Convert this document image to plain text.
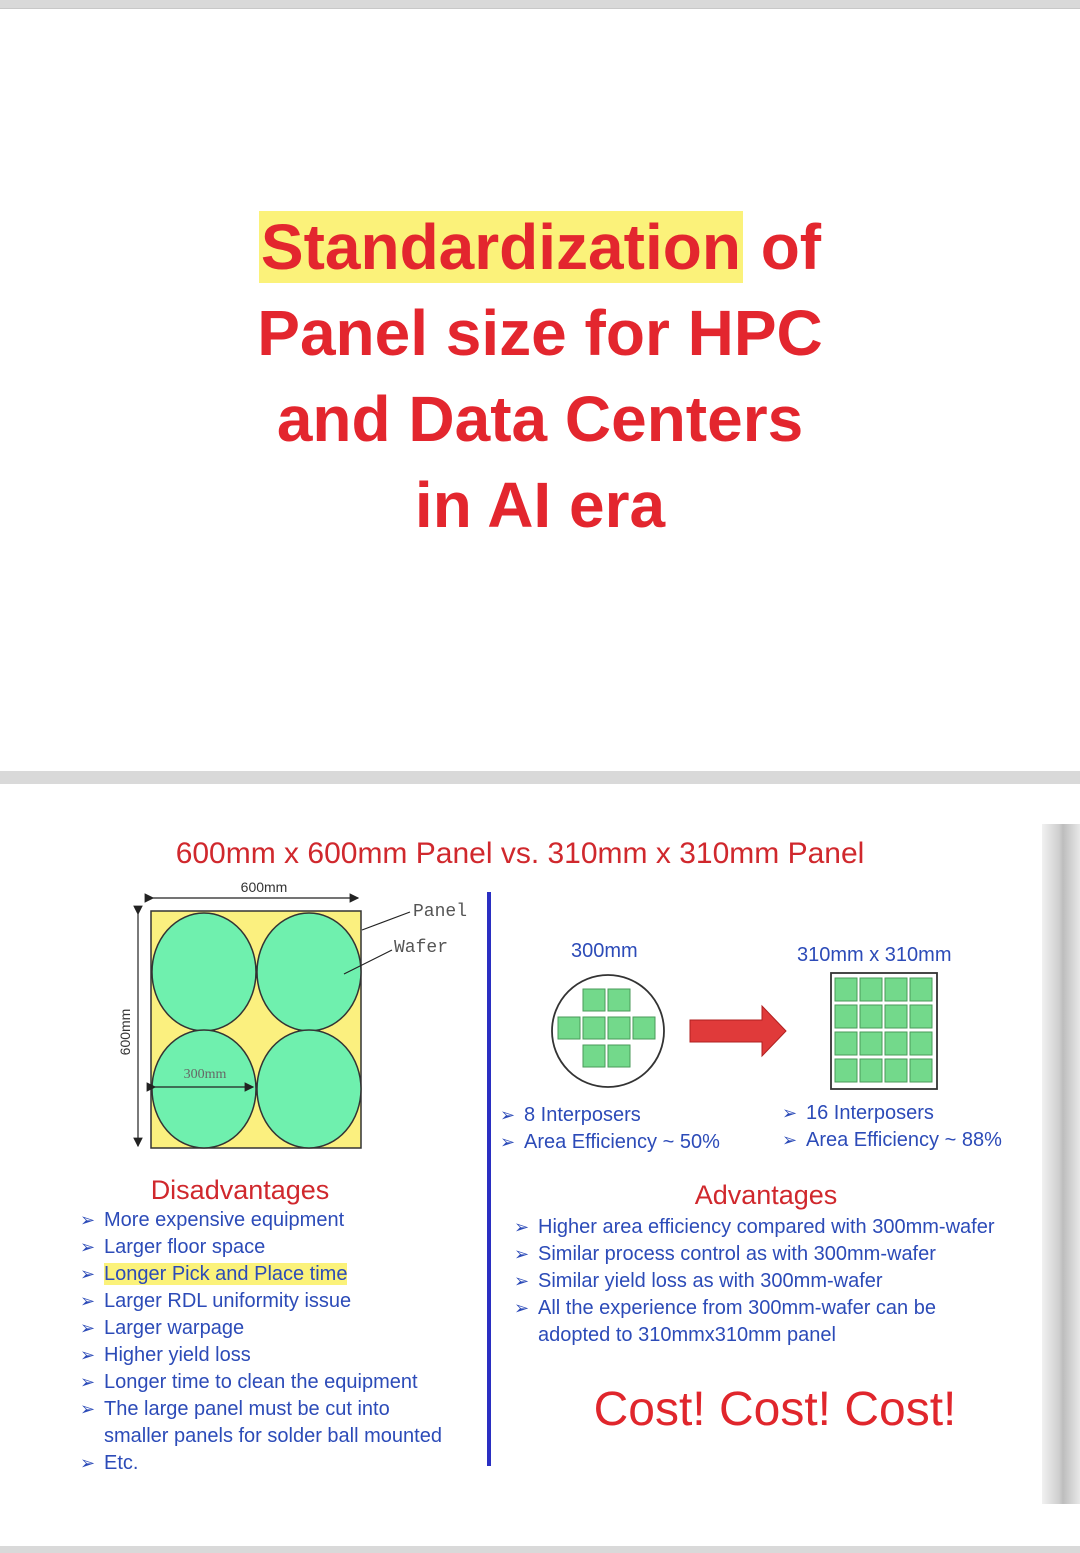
Standardization of
Panel size for HPC
and Data Centers
in AI era
600mm x 600mm Panel vs. 310mm x 310mm Panel
600mm
600mm
Panel
Wafer
300mm
300mm	310mm x 310mm
➢ 8 Interposers
➢ Area Efficiency ~ 50%
➢ 16 Interposers
➢ Area Efficiency ~ 88%
Disadvantages
➢ More expensive equipment
➢ Larger floor space
➢ Longer Pick and Place time
➢ Larger RDL uniformity issue
➢ Larger warpage
➢ Higher yield loss
➢ Longer time to clean the equipment
➢ The large panel must be cut into
smaller panels for solder ball mounted
➢ Etc.
Advantages
➢ Higher area efficiency compared with 300mm-wafer
➢ Similar process control as with 300mm-wafer
➢ Similar yield loss as with 300mm-wafer
➢ All the experience from 300mm-wafer can be
adopted to 310mmx310mm panel
Cost! Cost! Cost!
